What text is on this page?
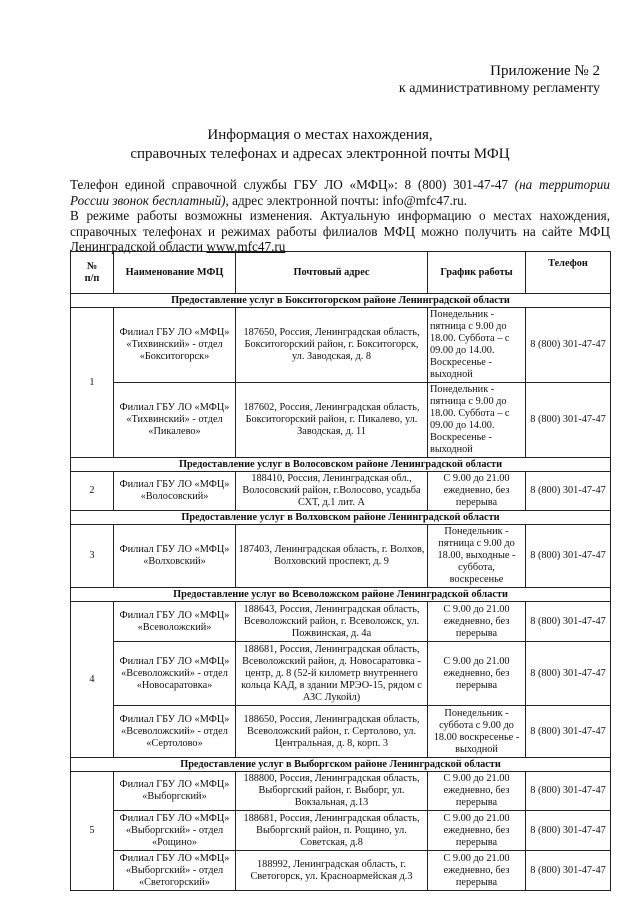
Приложение № 2
к административному регламенту
Информация о местах нахождения,
справочных телефонах и адресах электронной почты МФЦ

Телефон единой справочной службы ГБУ ЛО «МФЦ»: 8 (800) 301-47-47 (на территории России звонок бесплатный), адрес электронной почты: info@mfc47.ru.

В режиме работы возможны изменения. Актуальную информацию о местах нахождения, справочных телефонах и режимах работы филиалов МФЦ можно получить на сайте МФЦ Ленинградской области www.mfc47.ru

№
п/п	Наименование МФЦ	Почтовый адрес	График работы	Телефон
Предоставление услуг в Бокситогорском районе Ленинградской области				
1	Филиал ГБУ ЛО «МФЦ» «Тихвинский» - отдел «Бокситогорск»	187650, Россия, Ленинградская область, Бокситогорский район, г. Бокситогорск, ул. Заводская, д. 8	Понедельник - пятница с 9.00 до 18.00. Суббота – с 09.00 до 14.00. Воскресенье - выходной	8 (800) 301-47-47
	Филиал ГБУ ЛО «МФЦ» «Тихвинский» - отдел «Пикалево»	187602, Россия, Ленинградская область, Бокситогорский район, г. Пикалево, ул. Заводская, д. 11	Понедельник - пятница с 9.00 до 18.00. Суббота – с 09.00 до 14.00. Воскресенье - выходной	8 (800) 301-47-47
Предоставление услуг в Волосовском районе Ленинградской области				
2	Филиал ГБУ ЛО «МФЦ» «Волосовский»	188410, Россия, Ленинградская обл., Волосовский район, г.Волосово, усадьба СХТ, д.1 лит. А	С 9.00 до 21.00 ежедневно, без перерыва	8 (800) 301-47-47
Предоставление услуг в Волховском районе Ленинградской области				
3	Филиал ГБУ ЛО «МФЦ» «Волховский»	187403, Ленинградская область, г. Волхов, Волховский проспект, д. 9	Понедельник - пятница с 9.00 до 18.00, выходные - суббота, воскресенье	8 (800) 301-47-47
Предоставление услуг во Всеволожском районе Ленинградской области				
4	Филиал ГБУ ЛО «МФЦ» «Всеволожский»	188643, Россия, Ленинградская область, Всеволожский район, г. Всеволожск, ул. Пожвинская, д. 4а	С 9.00 до 21.00 ежедневно, без перерыва	8 (800) 301-47-47
	Филиал ГБУ ЛО «МФЦ» «Всеволожский» - отдел «Новосаратовка»	188681, Россия, Ленинградская область, Всеволожский район, д. Новосаратовка - центр, д. 8 (52-й километр внутреннего кольца КАД, в здании МРЭО-15, рядом с АЗС Лукойл)	С 9.00 до 21.00 ежедневно, без перерыва	8 (800) 301-47-47
	Филиал ГБУ ЛО «МФЦ» «Всеволожский» - отдел «Сертолово»	188650, Россия, Ленинградская область, Всеволожский район, г. Сертолово, ул. Центральная, д. 8, корп. 3	Понедельник - суббота с 9.00 до 18.00 воскресенье - выходной	8 (800) 301-47-47
Предоставление услуг в Выборгском районе Ленинградской области				
5	Филиал ГБУ ЛО «МФЦ» «Выборгский»	188800, Россия, Ленинградская область, Выборгский район, г. Выборг, ул. Вокзальная, д.13	С 9.00 до 21.00 ежедневно, без перерыва	8 (800) 301-47-47
	Филиал ГБУ ЛО «МФЦ» «Выборгский» - отдел «Рощино»	188681, Россия, Ленинградская область, Выборгский район, п. Рощино, ул. Советская, д.8	С 9.00 до 21.00 ежедневно, без перерыва	8 (800) 301-47-47
	Филиал ГБУ ЛО «МФЦ» «Выборгский» - отдел «Светогорский»	188992, Ленинградская область, г. Светогорск, ул. Красноармейская д.3	С 9.00 до 21.00 ежедневно, без перерыва	8 (800) 301-47-47
